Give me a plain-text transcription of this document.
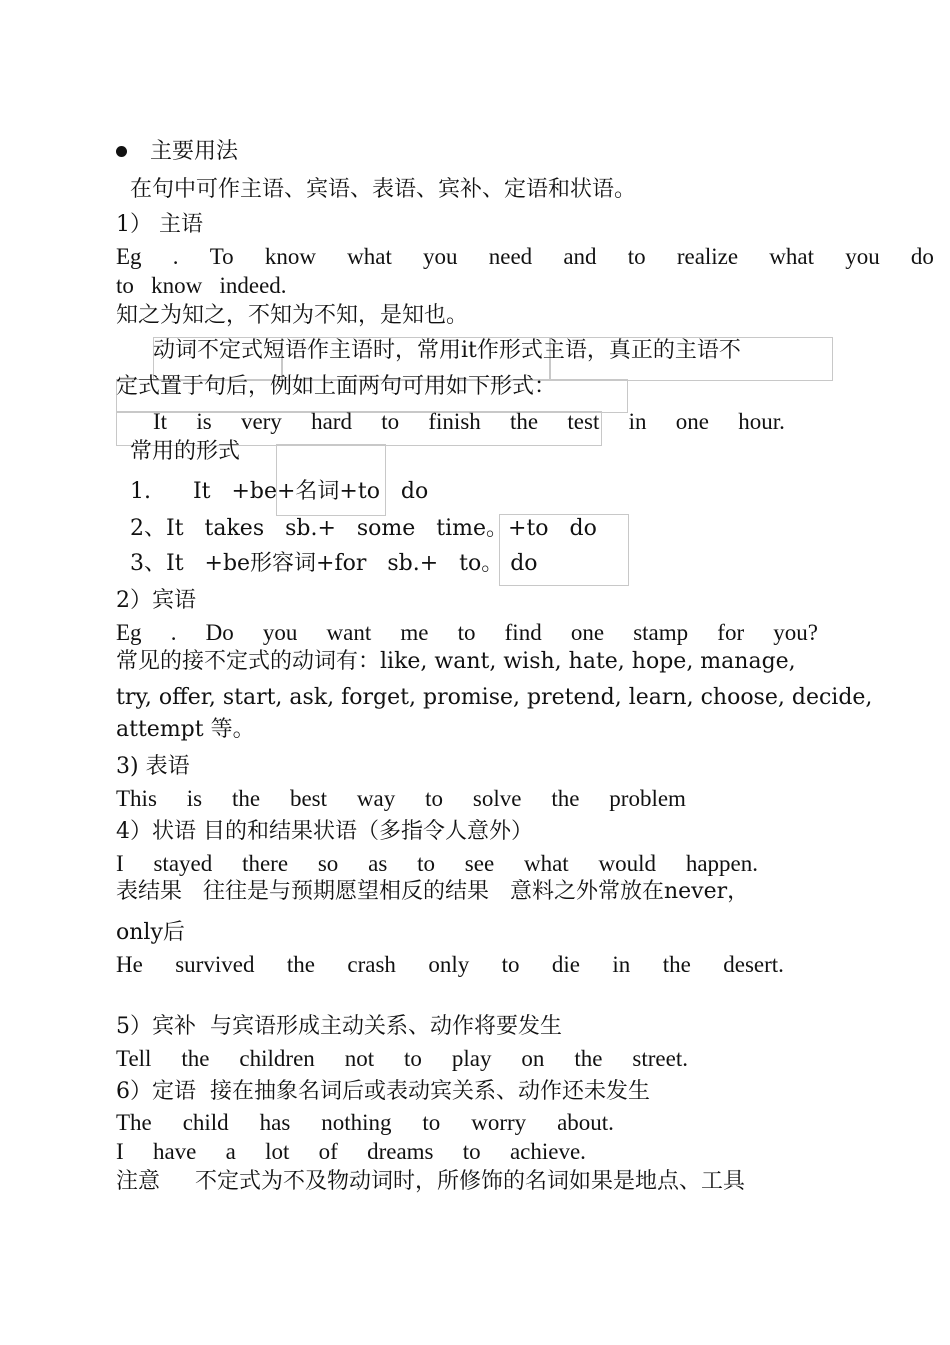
主要用法
在句中可作主语、宾语、表语、宾补、定语和状语。
1） 主语
Eg . To know what you need and to realize what you do
to   know   indeed.
知之为知之，不知为不知，是知也。
动词不定式短语作主语时，常用it作形式主语，真正的主语不
定式置于句后，例如上面两句可用如下形式：
It is very hard to finish the test in one hour.
常用的形式
1.      It   +be+名词+to   do
2、It   takes   sb.+   some   time。+to   do
3、It   +be形容词+for   sb.+   to。 do
2）宾语
Eg . Do you want me to find one stamp for you?
常见的接不定式的动词有：like, want, wish, hate, hope, manage,
try, offer, start, ask, forget, promise, pretend, learn, choose, decide,
attempt 等。
3) 表语
This is the best way to solve the problem
4）状语 目的和结果状语（多指令人意外）
I stayed there so as to see what would happen.
表结果   往往是与预期愿望相反的结果   意料之外常放在never，
only后
He survived the crash only to die in the desert.
5）宾补  与宾语形成主动关系、动作将要发生
Tell the children not to play on the street.
6）定语  接在抽象名词后或表动宾关系、动作还未发生
The child has nothing to worry about.
I have a lot of dreams to achieve.
注意     不定式为不及物动词时，所修饰的名词如果是地点、工具
